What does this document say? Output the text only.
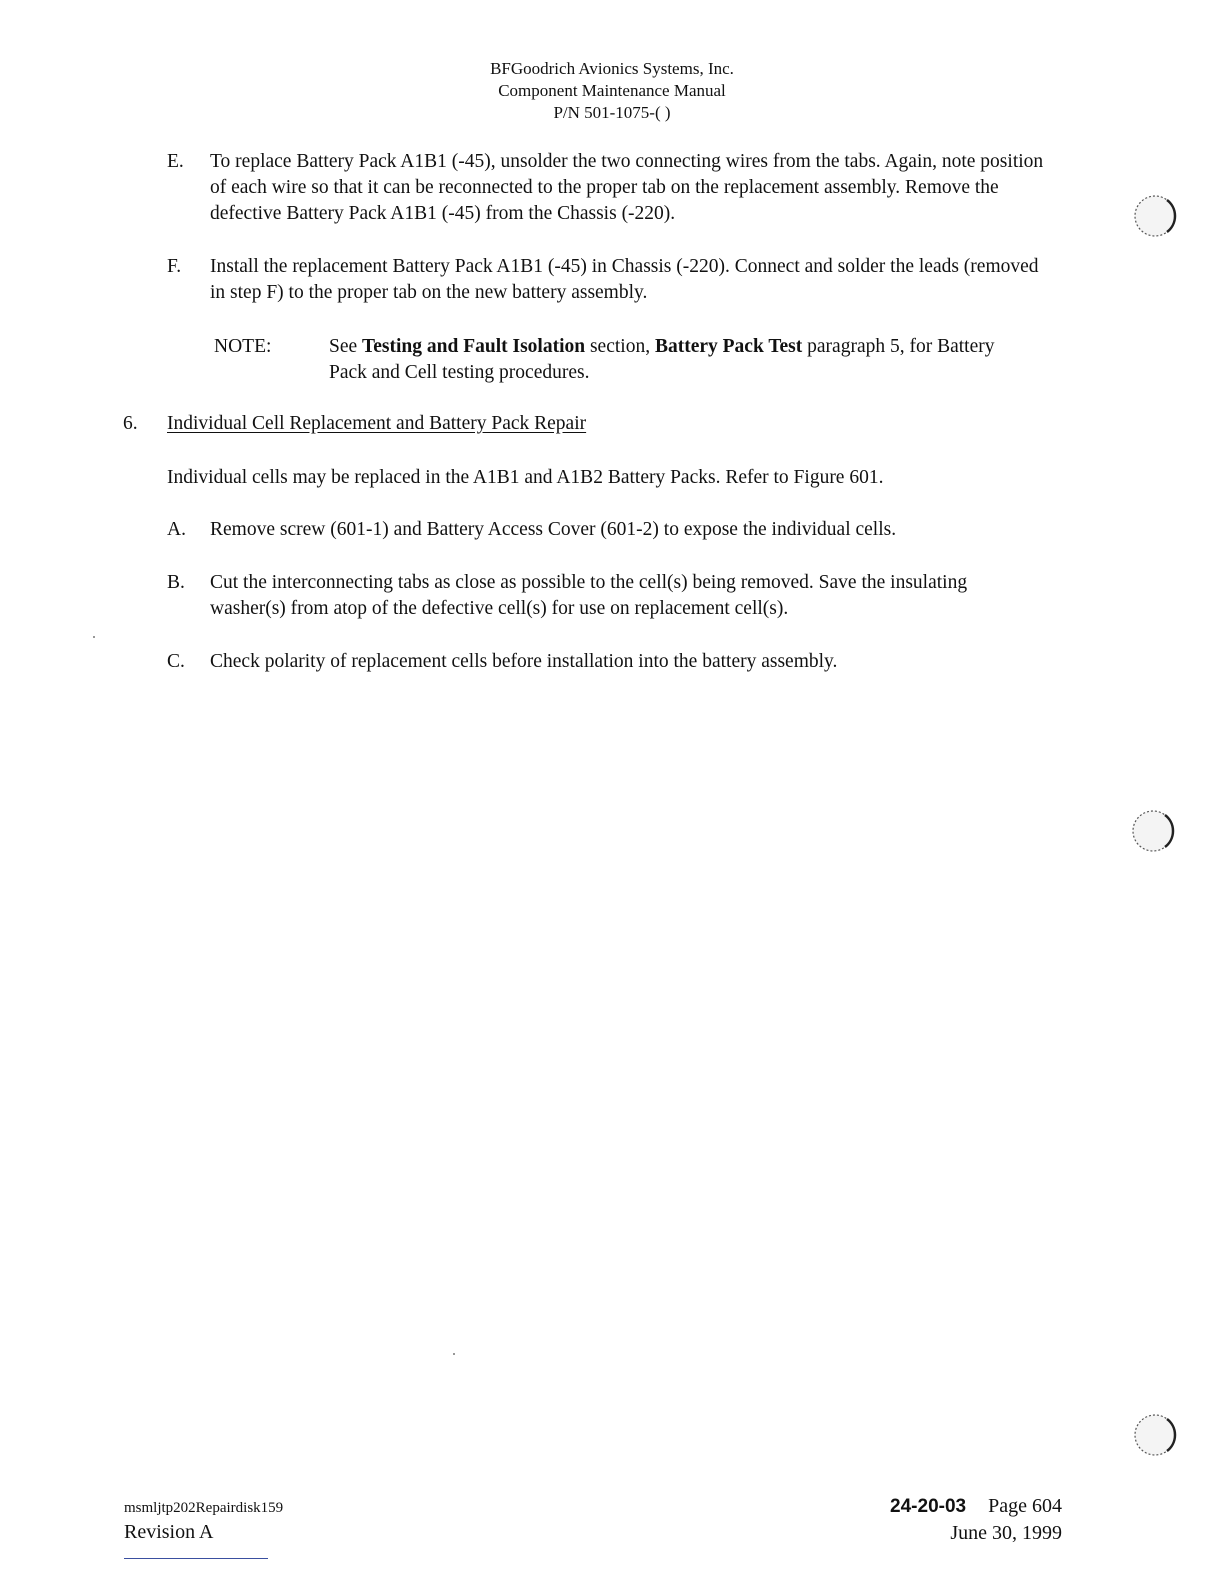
BFGoodrich Avionics Systems, Inc.
Component Maintenance Manual
P/N 501-1075-( )
E.	To replace Battery Pack A1B1 (-45), unsolder the two connecting wires from the tabs. Again, note position of each wire so that it can be reconnected to the proper tab on the replacement assembly. Remove the defective Battery Pack A1B1 (-45) from the Chassis (-220).
F.	Install the replacement Battery Pack A1B1 (-45) in Chassis (-220). Connect and solder the leads (removed in step F) to the proper tab on the new battery assembly.
NOTE:	See Testing and Fault Isolation section, Battery Pack Test paragraph 5, for Battery Pack and Cell testing procedures.
6. Individual Cell Replacement and Battery Pack Repair
Individual cells may be replaced in the A1B1 and A1B2 Battery Packs. Refer to Figure 601.
A.	Remove screw (601-1) and Battery Access Cover (601-2) to expose the individual cells.
B.	Cut the interconnecting tabs as close as possible to the cell(s) being removed. Save the insulating washer(s) from atop of the defective cell(s) for use on replacement cell(s).
C.	Check polarity of replacement cells before installation into the battery assembly.
msmljtp202Repairdisk159
Revision A
24-20-03 Page 604
June 30, 1999
